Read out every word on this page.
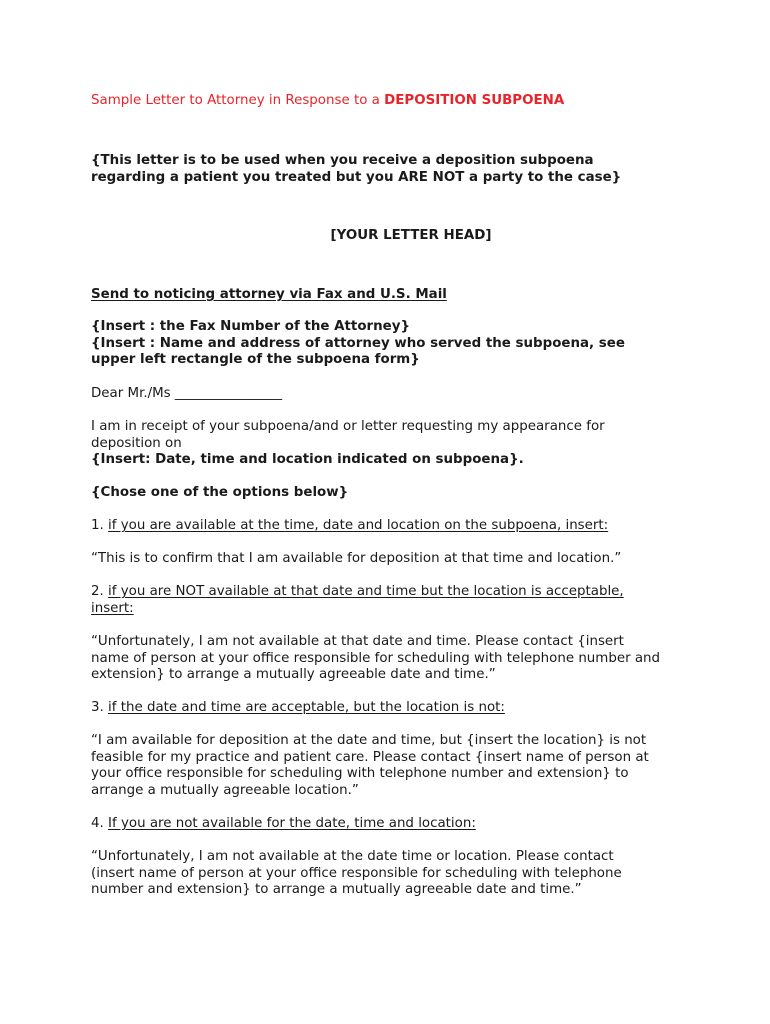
Sample Letter to Attorney in Response to a DEPOSITION SUBPOENA

{This letter is to be used when you receive a deposition subpoena
regarding a patient you treated but you ARE NOT a party to the case}

[YOUR LETTER HEAD]

Send to noticing attorney via Fax and U.S. Mail

{Insert : the Fax Number of the Attorney}
{Insert : Name and address of attorney who served the subpoena, see
upper left rectangle of the subpoena form}

Dear Mr./Ms ________________

I am in receipt of your subpoena/and or letter requesting my appearance for
deposition on
{Insert: Date, time and location indicated on subpoena}.

{Chose one of the options below}

1. if you are available at the time, date and location on the subpoena, insert:

“This is to confirm that I am available for deposition at that time and location.”

2. if you are NOT available at that date and time but the location is acceptable,
insert:

“Unfortunately, I am not available at that date and time. Please contact {insert
name of person at your office responsible for scheduling with telephone number and
extension} to arrange a mutually agreeable date and time.”

3. if the date and time are acceptable, but the location is not:

“I am available for deposition at the date and time, but {insert the location} is not
feasible for my practice and patient care. Please contact {insert name of person at
your office responsible for scheduling with telephone number and extension} to
arrange a mutually agreeable location.”

4. If you are not available for the date, time and location:

“Unfortunately, I am not available at the date time or location. Please contact
(insert name of person at your office responsible for scheduling with telephone
number and extension} to arrange a mutually agreeable date and time.”
